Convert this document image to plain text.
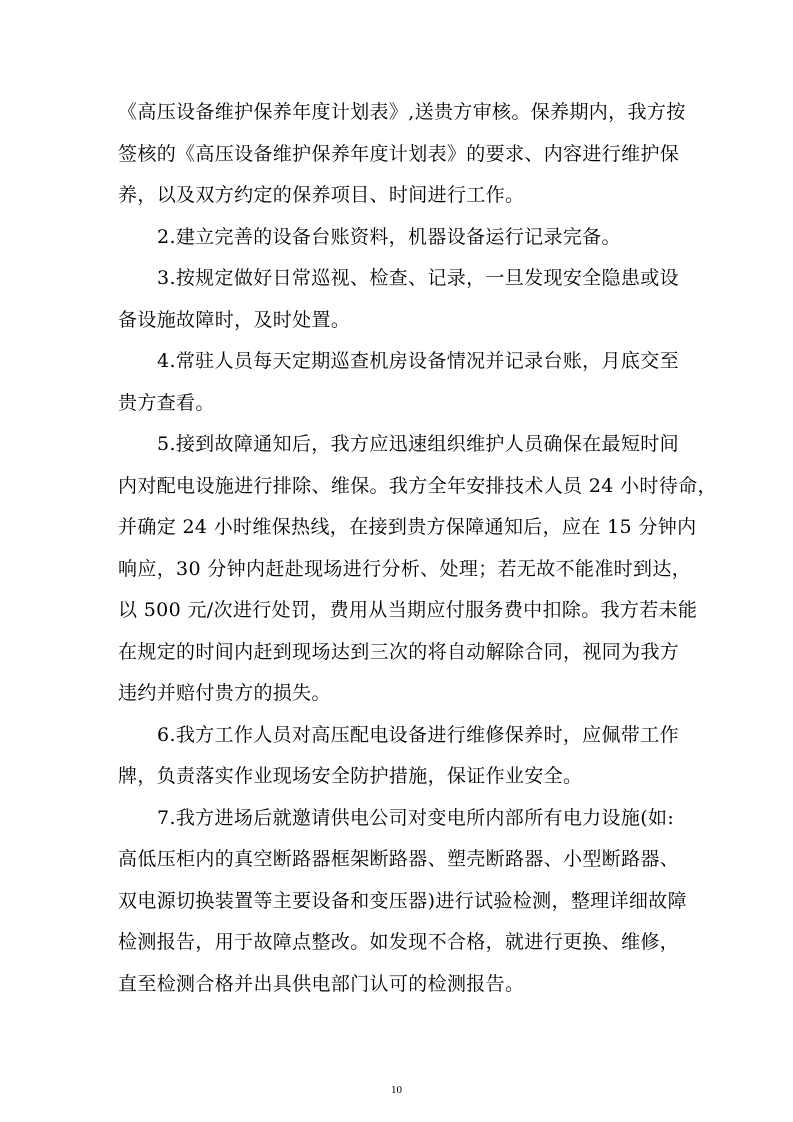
《高压设备维护保养年度计划表》,送贵方审核。保养期内，我方按
签核的《高压设备维护保养年度计划表》的要求、内容进行维护保
养，以及双方约定的保养项目、时间进行工作。
2.建立完善的设备台账资料，机器设备运行记录完备。
3.按规定做好日常巡视、检查、记录，一旦发现安全隐患或设
备设施故障时，及时处置。
4.常驻人员每天定期巡查机房设备情况并记录台账，月底交至
贵方查看。
5.接到故障通知后，我方应迅速组织维护人员确保在最短时间
内对配电设施进行排除、维保。我方全年安排技术人员 24 小时待命，
并确定 24 小时维保热线，在接到贵方保障通知后，应在 15 分钟内
响应，30 分钟内赶赴现场进行分析、处理；若无故不能准时到达，
以 500 元/次进行处罚，费用从当期应付服务费中扣除。我方若未能
在规定的时间内赶到现场达到三次的将自动解除合同，视同为我方
违约并赔付贵方的损失。
6.我方工作人员对高压配电设备进行维修保养时，应佩带工作
牌，负责落实作业现场安全防护措施，保证作业安全。
7.我方进场后就邀请供电公司对变电所内部所有电力设施(如:
高低压柜内的真空断路器框架断路器、塑壳断路器、小型断路器、
双电源切换装置等主要设备和变压器)进行试验检测，整理详细故障
检测报告，用于故障点整改。如发现不合格，就进行更换、维修，
直至检测合格并出具供电部门认可的检测报告。
10
